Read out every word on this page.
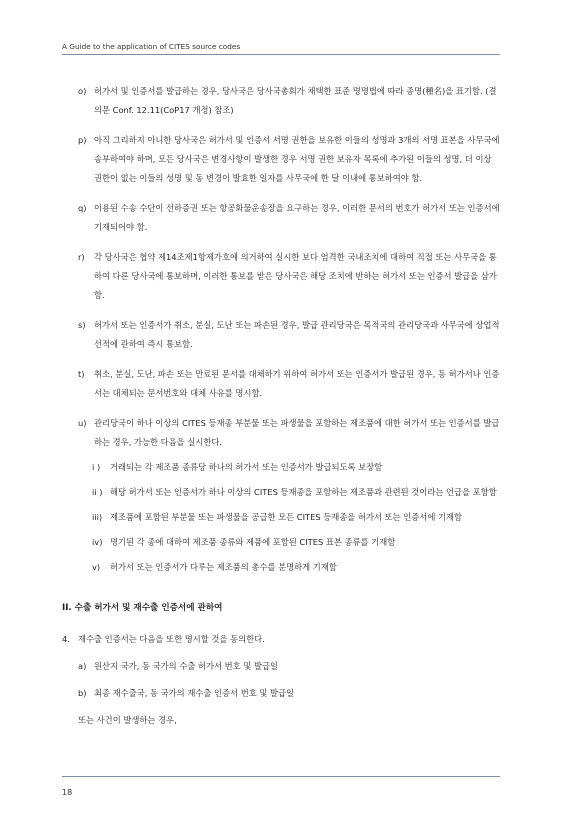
A Guide to the application of CITES source codes
o) 허가서 및 인증서를 발급하는 경우, 당사국은 당사국총회가 채택한 표준 명명법에 따라 종명(種名)을 표기함. (결의문 Conf. 12.11(CoP17 개정) 참조)
p) 아직 그리하지 아니한 당사국은 허가서 및 인증서 서명 권한을 보유한 이들의 성명과 3개의 서명 표본을 사무국에 송부하여야 하며, 모든 당사국은 변경사항이 발생한 경우 서명 권한 보유자 목록에 추가된 이들의 성명, 더 이상 권한이 없는 이들의 성명 및 동 변경이 발효한 일자를 사무국에 한 달 이내에 통보하여야 함.
q) 이용된 수송 수단이 선하증권 또는 항공화물운송장을 요구하는 경우, 이러한 문서의 번호가 허가서 또는 인증서에 기재되어야 함.
r)	각 당사국은 협약 제14조제1항제가호에 의거하여 실시한 보다 엄격한 국내조치에 대하여 직접 또는 사무국을 통하여 다른 당사국에 통보하며, 이러한 통보를 받은 당사국은 해당 조치에 반하는 허가서 또는 인증서 발급을 삼가 함.
s)	허가서 또는 인증서가 취소, 분실, 도난 또는 파손된 경우, 발급 관리당국은 목적국의 관리당국과 사무국에 상업적 선적에 관하여 즉시 통보함.
t)	취소, 분실, 도난, 파손 또는 만료된 문서를 대체하기 위하여 허가서 또는 인증서가 발급된 경우, 동 허가서나 인증서는 대체되는 문서번호와 대체 사유를 명시함.
u) 관리당국이 하나 이상의 CITES 등재종 부분물 또는 파생물을 포함하는 제조품에 대한 허가서 또는 인증서를 발급하는 경우, 가능한 다음을 실시한다.
i )	거래되는 각 제조품 종류당 하나의 허가서 또는 인증서가 발급되도록 보장함
ii ) 해당 허가서 또는 인증서가 하나 이상의 CITES 등재종을 포함하는 제조품과 관련된 것이라는 언급을 포함함
iii) 제조품에 포함된 부분물 또는 파생물을 공급한 모든 CITES 등재종을 허가서 또는 인증서에 기재함
iv) 명기된 각 종에 대하여 제조품 종류와 제품에 포함된 CITES 표본 종류를 기재함
v)	허가서 또는 인증서가 다루는 제조품의 총수를 분명하게 기재함
II. 수출 허가서 및 재수출 인증서에 관하여
4. 재수출 인증서는 다음을 또한 명시할 것을 동의한다.
a) 원산지 국가, 동 국가의 수출 허가서 번호 및 발급일
b) 최종 재수출국, 동 국가의 재수출 인증서 번호 및 발급일
또는 사건이 발생하는 경우,
18
